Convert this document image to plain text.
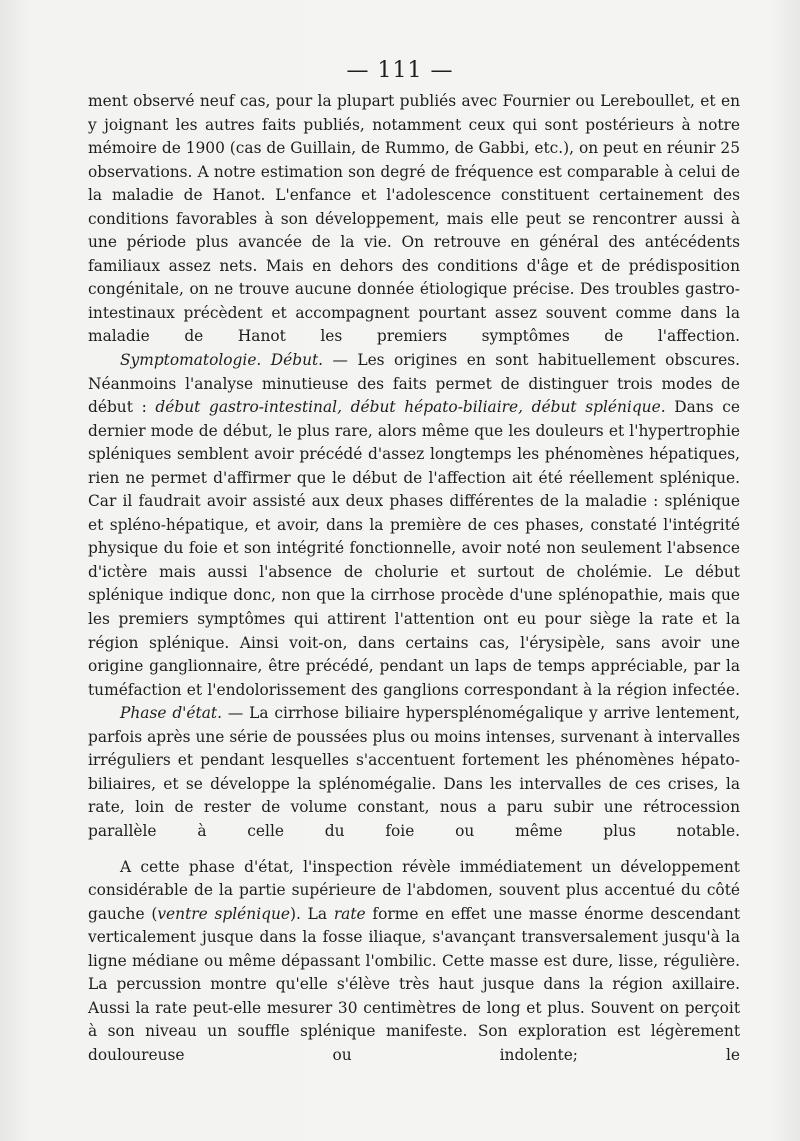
— 111 —

ment observé neuf cas, pour la plupart publiés avec Fournier ou Lereboullet, et en y joignant les autres faits publiés, notamment ceux qui sont postérieurs à notre mémoire de 1900 (cas de Guillain, de Rummo, de Gabbi, etc.), on peut en réunir 25 observations. A notre estimation son degré de fréquence est comparable à celui de la maladie de Hanot. L'enfance et l'adolescence constituent certainement des conditions favorables à son développement, mais elle peut se rencontrer aussi à une période plus avancée de la vie. On retrouve en général des antécédents familiaux assez nets. Mais en dehors des conditions d'âge et de prédisposition congénitale, on ne trouve aucune donnée étiologique précise. Des troubles gastro-intestinaux précèdent et accompagnent pourtant assez souvent comme dans la maladie de Hanot les premiers symptômes de l'affection.

Symptomatologie. Début. — Les origines en sont habituellement obscures. Néanmoins l'analyse minutieuse des faits permet de distinguer trois modes de début : début gastro-intestinal, début hépato-biliaire, début splénique. Dans ce dernier mode de début, le plus rare, alors même que les douleurs et l'hypertrophie spléniques semblent avoir précédé d'assez longtemps les phénomènes hépatiques, rien ne permet d'affirmer que le début de l'affection ait été réellement splénique. Car il faudrait avoir assisté aux deux phases différentes de la maladie : splénique et spléno-hépatique, et avoir, dans la première de ces phases, constaté l'intégrité physique du foie et son intégrité fonctionnelle, avoir noté non seulement l'absence d'ictère mais aussi l'absence de cholurie et surtout de cholémie. Le début splénique indique donc, non que la cirrhose procède d'une splénopathie, mais que les premiers symptômes qui attirent l'attention ont eu pour siège la rate et la région splénique. Ainsi voit-on, dans certains cas, l'érysipèle, sans avoir une origine ganglionnaire, être précédé, pendant un laps de temps appréciable, par la tuméfaction et l'endolorissement des ganglions correspondant à la région infectée.

Phase d'état. — La cirrhose biliaire hypersplénomégalique y arrive lentement, parfois après une série de poussées plus ou moins intenses, survenant à intervalles irréguliers et pendant lesquelles s'accentuent fortement les phénomènes hépato-biliaires, et se développe la splénomégalie. Dans les intervalles de ces crises, la rate, loin de rester de volume constant, nous a paru subir une rétrocession parallèle à celle du foie ou même plus notable.

A cette phase d'état, l'inspection révèle immédiatement un développement considérable de la partie supérieure de l'abdomen, souvent plus accentué du côté gauche (ventre splénique). La rate forme en effet une masse énorme descendant verticalement jusque dans la fosse iliaque, s'avançant transversalement jusqu'à la ligne médiane ou même dépassant l'ombilic. Cette masse est dure, lisse, régulière. La percussion montre qu'elle s'élève très haut jusque dans la région axillaire. Aussi la rate peut-elle mesurer 30 centimètres de long et plus. Souvent on perçoit à son niveau un souffle splénique manifeste. Son exploration est légèrement douloureuse ou indolente; le
